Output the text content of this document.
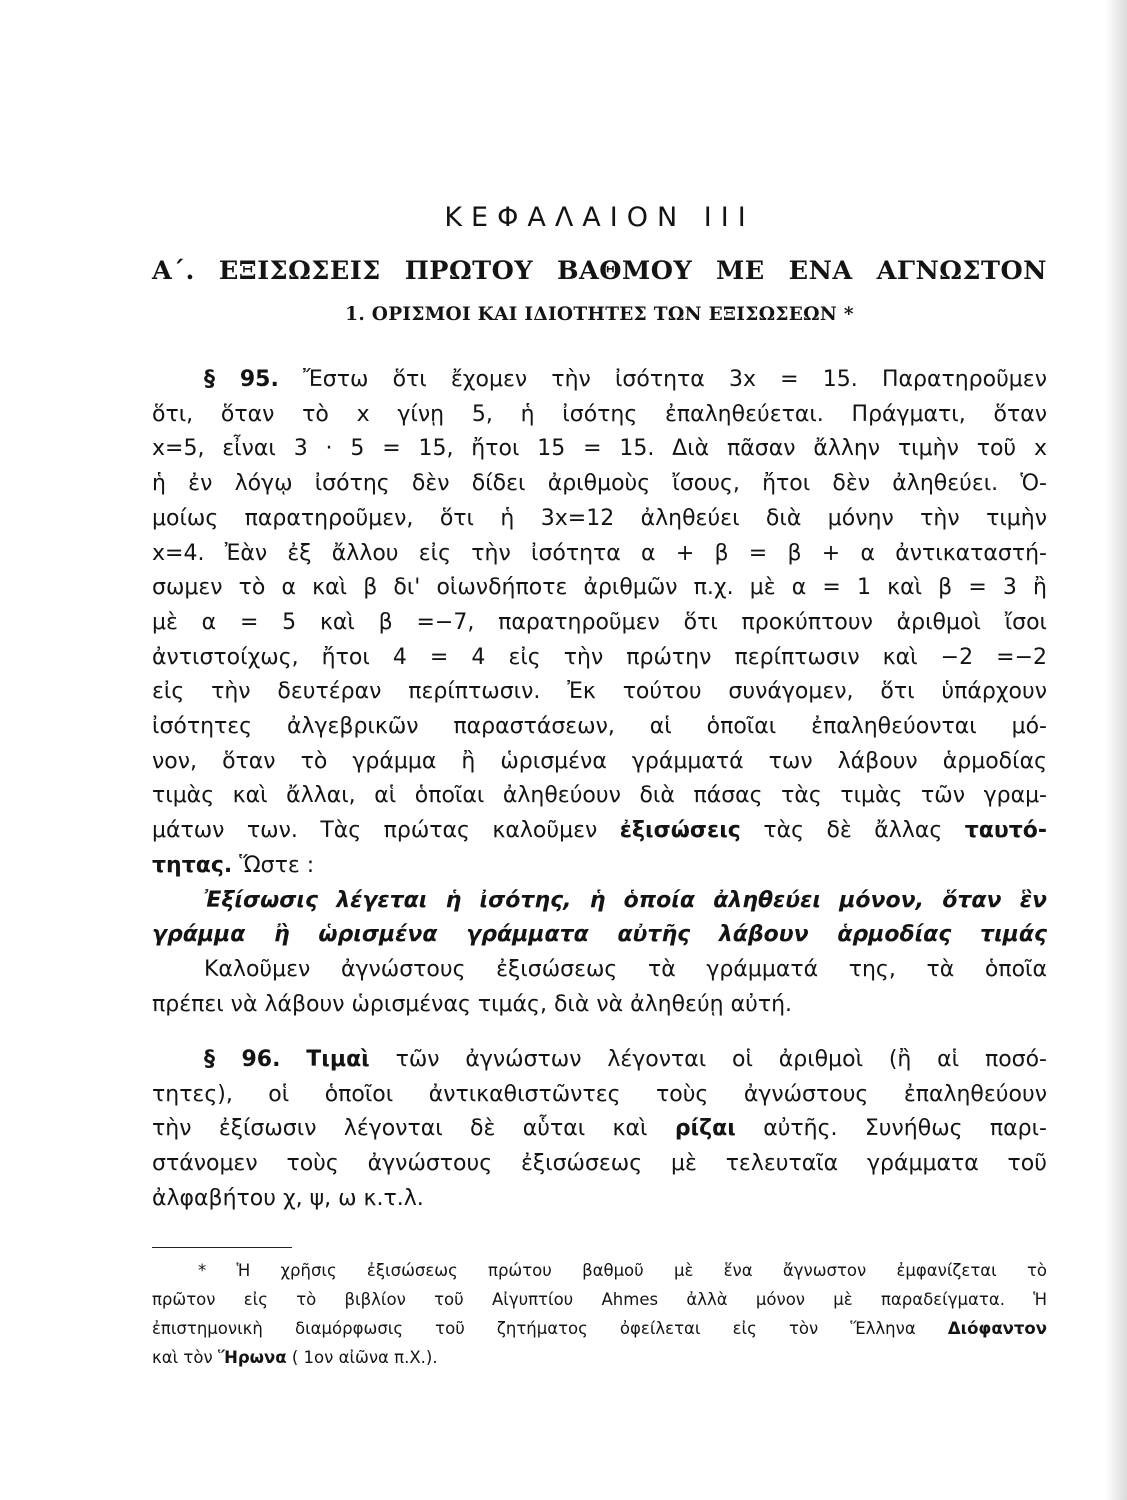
ΚΕΦΑΛΑΙΟΝ ΙΙΙ
Α΄. ΕΞΙΣΩΣΕΙΣ ΠΡΩΤΟΥ ΒΑΘΜΟΥ ΜΕ ΕΝΑ ΑΓΝΩΣΤΟΝ
1. ΟΡΙΣΜΟΙ ΚΑΙ ΙΔΙΟΤΗΤΕΣ ΤΩΝ ΕΞΙΣΩΣΕΩΝ *

§ 95. Ἔστω ὅτι ἔχομεν τὴν ἰσότητα 3x = 15. Παρατηροῦμεν

ὅτι, ὅταν τὸ x γίνῃ 5, ἡ ἰσότης ἐπαληθεύεται. Πράγματι, ὅταν

x=5, εἶναι 3 · 5 = 15, ἤτοι 15 = 15. Διὰ πᾶσαν ἄλλην τιμὴν τοῦ x

ἡ ἐν λόγῳ ἰσότης δὲν δίδει ἀριθμοὺς ἴσους, ἤτοι δὲν ἀληθεύει. Ὁ-

μοίως παρατηροῦμεν, ὅτι ἡ 3x=12 ἀληθεύει διὰ μόνην τὴν τιμὴν

x=4. Ἐὰν ἐξ ἄλλου εἰς τὴν ἰσότητα α + β = β + α ἀντικαταστή-

σωμεν τὸ α καὶ β δι' οἱωνδήποτε ἀριθμῶν π.χ. μὲ α = 1 καὶ β = 3 ἢ

μὲ α = 5 καὶ β =−7, παρατηροῦμεν ὅτι προκύπτουν ἀριθμοὶ ἴσοι

ἀντιστοίχως, ἤτοι 4 = 4 εἰς τὴν πρώτην περίπτωσιν καὶ −2 =−2

εἰς τὴν δευτέραν περίπτωσιν. Ἐκ τούτου συνάγομεν, ὅτι ὑπάρχουν

ἰσότητες ἀλγεβρικῶν παραστάσεων, αἱ ὁποῖαι ἐπαληθεύονται μό-

νον, ὅταν τὸ γράμμα ἢ ὡρισμένα γράμματά των λάβουν ἁρμοδίας

τιμὰς καὶ ἄλλαι, αἱ ὁποῖαι ἀληθεύουν διὰ πάσας τὰς τιμὰς τῶν γραμ-

μάτων των. Τὰς πρώτας καλοῦμεν ἐξισώσεις τὰς δὲ ἄλλας ταυτό-

τητας. Ὥστε :

Ἐξίσωσις λέγεται ἡ ἰσότης, ἡ ὁποία ἀληθεύει μόνον, ὅταν ἓν

γράμμα ἢ ὡρισμένα γράμματα αὐτῆς λάβουν ἁρμοδίας τιμάς

Καλοῦμεν ἀγνώστους ἐξισώσεως τὰ γράμματά της, τὰ ὁποῖα

πρέπει νὰ λάβουν ὡρισμένας τιμάς, διὰ νὰ ἀληθεύῃ αὐτή.

§ 96. Τιμαὶ τῶν ἀγνώστων λέγονται οἱ ἀριθμοὶ (ἢ αἱ ποσό-

τητες), οἱ ὁποῖοι ἀντικαθιστῶντες τοὺς ἀγνώστους ἐπαληθεύουν

τὴν ἐξίσωσιν λέγονται δὲ αὗται καὶ ρίζαι αὐτῆς. Συνήθως παρι-

στάνομεν τοὺς ἀγνώστους ἐξισώσεως μὲ τελευταῖα γράμματα τοῦ

ἀλφαβήτου χ, ψ, ω κ.τ.λ.

* Ἡ χρῆσις ἐξισώσεως πρώτου βαθμοῦ μὲ ἕνα ἄγνωστον ἐμφανίζεται τὸ

πρῶτον εἰς τὸ βιβλίον τοῦ Αἰγυπτίου Ahmes ἀλλὰ μόνον μὲ παραδείγματα. Ἡ

ἐπιστημονικὴ διαμόρφωσις τοῦ ζητήματος ὀφείλεται εἰς τὸν Ἕλληνα Διόφαντον

καὶ τὸν Ἥρωνα ( 1ον αἰῶνα π.Χ.).
